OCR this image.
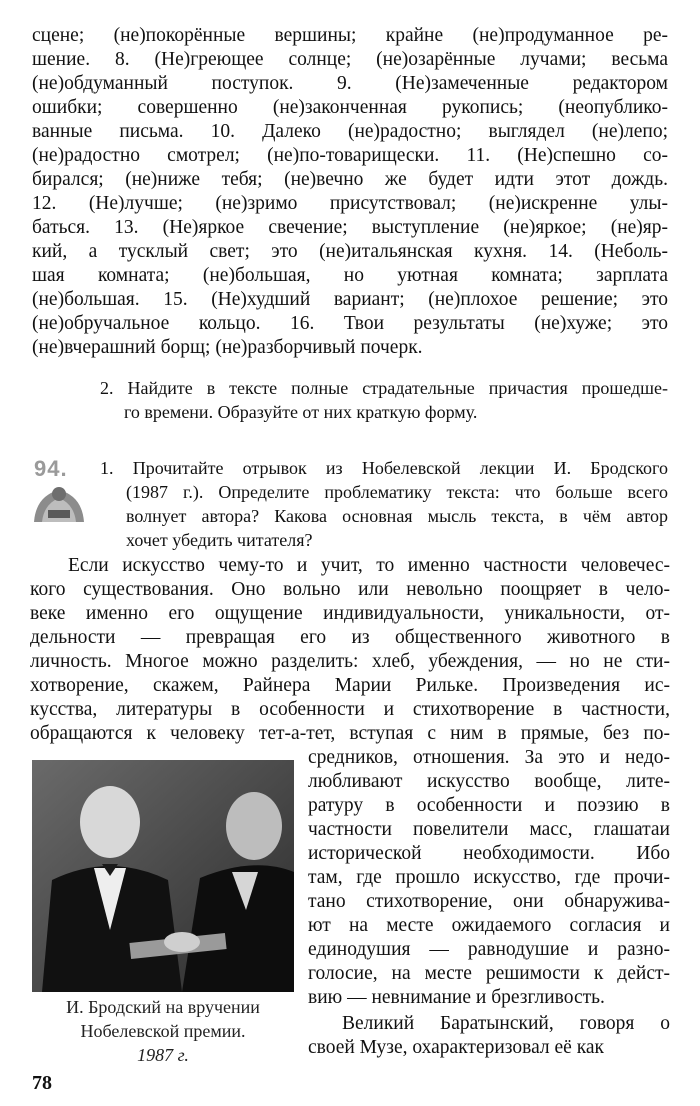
сцене; (не)покорённые вершины; крайне (не)продуманное ре-
шение. 8. (Не)греющее солнце; (не)озарённые лучами; весьма
(не)обдуманный поступок. 9. (Не)замеченные редактором
ошибки; совершенно (не)законченная рукопись; (неопублико-
ванные письма. 10. Далеко (не)радостно; выглядел (не)лепо;
(не)радостно смотрел; (не)по-товарищески. 11. (Не)спешно со-
бирался; (не)ниже тебя; (не)вечно же будет идти этот дождь.
12. (Не)лучше; (не)зримо присутствовал; (не)искренне улы-
баться. 13. (Не)яркое свечение; выступление (не)яркое; (не)яр-
кий, а тусклый свет; это (не)итальянская кухня. 14. (Неболь-
шая комната; (не)большая, но уютная комната; зарплата
(не)большая. 15. (Не)худший вариант; (не)плохое решение; это
(не)обручальное кольцо. 16. Твои результаты (не)хуже; это
(не)вчерашний борщ; (не)разборчивый почерк.
2. Найдите в тексте полные страдательные причастия прошедше-
го времени. Образуйте от них краткую форму.
94. 1. Прочитайте отрывок из Нобелевской лекции И. Бродского
(1987 г.). Определите проблематику текста: что больше всего
волнует автора? Какова основная мысль текста, в чём автор
хочет убедить читателя?
Если искусство чему-то и учит, то именно частности человечес-
кого существования. Оно вольно или невольно поощряет в чело-
веке именно его ощущение индивидуальности, уникальности, от-
дельности — превращая его из общественного животного в
личность. Многое можно разделить: хлеб, убеждения, — но не сти-
хотворение, скажем, Райнера Марии Рильке. Произведения ис-
кусства, литературы в особенности и стихотворение в частности,
обращаются к человеку тет-а-тет, вступая с ним в прямые, без по-
средников, отношения. За это и недо-
любливают искусство вообще, лите-
ратуру в особенности и поэзию в
частности повелители масс, глашатаи
исторической необходимости. Ибо
там, где прошло искусство, где прочи-
тано стихотворение, они обнаружива-
ют на месте ожидаемого согласия и
единодушия — равнодушие и разно-
голосие, на месте решимости к дейст-
вию — невнимание и брезгливость.
Великий Баратынский, говоря о
своей Музе, охарактеризовал её как
И. Бродский на вручении
Нобелевской премии.
1987 г.
78
